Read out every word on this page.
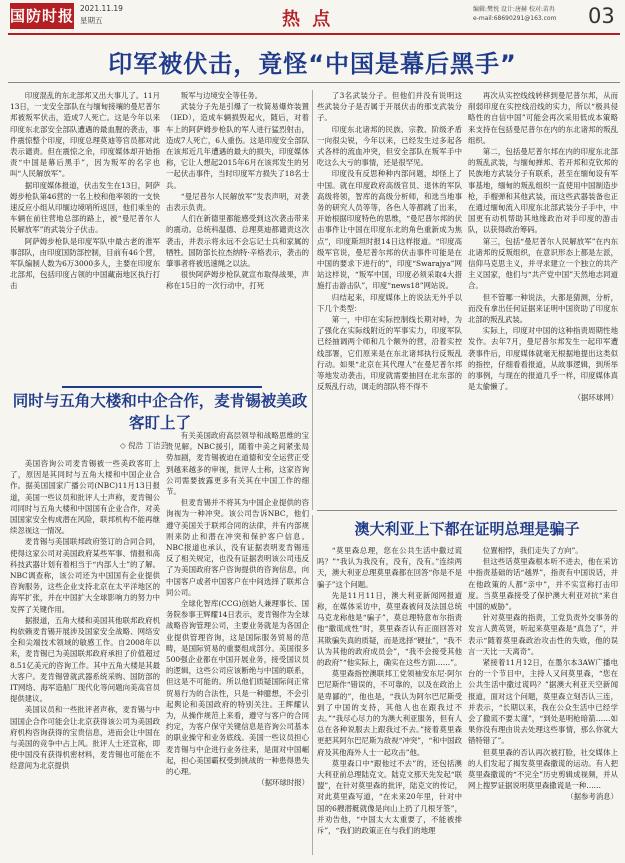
国防时报 2021.11.19
星期五	热 点	编辑:樊悦 设计:唐赫 校对:苗冉
e-mail:68690291@163.com 03
印军被伏击，竟怪“中国是幕后黑手”

印度混乱的东北部邦又出大事儿了。11月13日，一支安全部队在与缅甸接壤的曼尼普尔邦被叛军伏击，造成7人死亡。这是今年以来印度东北部安全部队遭遇的最血腥的袭击，事件震惊整个印度，印度总理莫迪等官员都对此表示谴责。但在震惊之余，印度媒体却开始指责“中国是幕后黑手”，因为叛军的名字也叫“人民解放军”。

据印度媒体报道，伏击发生在13日，阿萨姆步枪队第46营的一名上校和他率领的一支快速反应小组从印缅边境哨所返回，他们乘坐的车辆在前往营地总部的路上，被“曼尼普尔人民解放军”的武装分子伏击。

阿萨姆步枪队是印度军队中最古老的准军事部队，由印度国防部控制，目前有46个营，军队编制人数为6万3000多人，主要在印度东北部邦，包括印度占领的中国藏南地区执行打击

叛军与边境安全等任务。

武装分子先是引爆了一枚简易爆炸装置（IED），造成车辆损毁起火，随后，对着车上的阿萨姆步枪队的军人进行猛烈射击，造成7人死亡，6人重伤。这是印度安全部队在该邦近几年遭遇的最大的损失，印度媒体称，它让人想起2015年6月在该邦发生的另一起伏击事件，当时印度军方损失了18名士兵。

“曼尼普尔人民解放军”发表声明，对袭击表示负责。

人们在新德里都能感受到这次袭击带来的震动。总统科温德、总理莫迪都谴责这次袭击，并表示将永远不会忘记士兵和家属的牺牲。国防部长拉杰纳特·辛格表示，袭击的肇事者将被迅速绳之以法。

很快阿萨姆步枪队就宣布取得战果，声称在15日的一次行动中，打死

了3名武装分子。但他们并没有说明这些武装分子是否属于开展伏击的那支武装分子。

印度东北诸邦的民族、宗教、阶级矛盾一向很尖锐，今年以来，已经发生过多起各式各样的流血冲突，但安全部队在叛军手中吃这么大亏的事情，还是很罕见。

印度没有反思种种内部问题，却怪上了中国。就在印度政府高级官员、退休的军队高级将领，智库的高级分析师，和选当地事务的研究人员等等，各色人等都跳了出来，开始根据印度特色的思维，“曼尼普尔邦的伏击事件让中国在印度东北的角色重新成为焦点”，印度斯坦时报14日这样报道。“印度高级军官说，曼尼普尔邦的伏击事件可能是在中国的要求下进行的”，印度“Swarajya”网站这样说，“叛军中国，印度必须采取4大措施打击游击队”，印度“news18”网站说。

归结起来，印度媒体上的说法无外乎以下几个类型：

第一，中印在实际控制线长期对峙，为了强化在实际线附近的军事实力，印度军队已经抽调两个师和几个额外的营，沿着实控线部署，它们原来是在东北诸邦执行反叛乱行动。如果“北京在其代理人”在曼尼普尔邦等地发动袭击，印度就需要抽回在北东部的反叛乱行动，调走的部队将不得不

再次从实控线线转移到曼尼普尔邦，从而削弱印度在实控线沿线的实力，所以“极具侵略性的自信中国”可能会再次采用低成本策略来支持在包括曼尼普尔在内的东北诸邦的叛乱组织。

第二，包括曼尼普尔邦在内的印度东北部的叛乱武装，与缅甸掸邦、若开邦和克钦邦的民族地方武装分子有联系，甚至在缅甸设有军事基地，缅甸的叛乱组织一直使用中国制造步枪，手榴弹和其他武装，而这些武器装备也正在通过缅甸流入印度东北部武装分子手中，中国更有动机帮助其地缘政治对手印度的游击队，以获得政治筹码。

第三，包括“曼尼普尔人民解放军”在内东北诸邦的反叛组织，在意识形态上都是左派，信仰马克思主义，并寻求建立一个独立的共产主义国家，他们与“共产党中国”天然地志同道合。

但不管哪一种说法，大都是猜测，分析，而没有拿出任何证据来证明中国资助了印度东北部的叛乱武装。

实际上，印度对中国的这种指责周期性地发作。去年7月，曼尼普尔邦发生一起印军遭袭事件后，印度媒体就毫无根据地提出这类似的指控，仔细看看报道，从故事逻辑，到所举的事例，与现在的报道几乎一样，印度媒体真是太偷懒了。

（据环球网）

同时与五角大楼和中企合作，麦肯锡被美政客盯上了
◇ 倪浩 丁洁芸

美国咨询公司麦肯锡被一些美政客盯上了，原因是其同时与五角大楼和中国企业合作。据美国国家广播公司(NBC)11月13日报道，美国一些议员和批评人士声称，麦肯锡公司同时与五角大楼和中国国有企业合作，对美国国家安全构成潜在风险，联邦机构不能再继续忽视这一情况。

麦肯锡与美国联邦政府签订的合同合同，使得这家公司对美国政府某些军事、情报和高科技武器计划有着相当于“内部人士”的了解。NBC调查称，该公司还为中国国有企业提供咨询服务，这些企业支持北京在太平洋地区的海军扩张，并在中国扩大全球影响力的努力中发挥了关键作用。

据报道，五角大楼和美国其他联邦政府机构依赖麦肯锡开展涉及国家安全战略、网络安全和尖端技术领域的敏感工作。自2008年以来，麦肯锡已为美国联邦政府承担了价值超过8.51亿美元的咨询工作。其中五角大楼是其最大客户。麦肯锡曾就武器系统采购、国防部的IT网络、海军造船厂现代化等问题向美高官员提供建议。

美国议员和一些批评者声称，麦肯锡与中国国企合作可能会让北京获得该公司为美国政府机构咨询获得的宝贵信息，进而会让中国在与美国的竞争中占上风。批评人士还宣称，即使中国没有获得机密材料，麦肯锡也可能在不经意间为北京提供

有关美国政府高层领导和战略思维的宝贵见解。NBC援引，随着中美之间紧张局势加剧，麦肯锡被迫在道德和安全运营正受到越来越多的审视，批评人士称，这家咨询公司需要披露更多有关其在中国工作的细节。

但麦肯锡并不将其为中国企业提供的咨询视为一种冲突。该公司告诉NBC，他们遵守美国关于联邦合同的法律，并有内部规则来防止和潜在冲突和保护客户信息。NBC报道也承认，没有证据表明麦肯锡违反了相关规定，也没有证据表明该公司违反了为美国政府客户咨询提供的咨询信息，向中国客户或者中国客户在中间选择了联邦合同公司。

全球化智库(CCG)创始人兼理事长、国务院参事王辉耀14日表示，麦肯锡作为全球战略咨询管理公司，主要业务就是为各国企业提供管理咨询，这是国际服务贸易的范畴，是国际贸易的重要组成部分。美国很多500强企业都在中国开展业务，接受国议员的逻辑，这些公司应该断绝与中国的联系，但这是不可能的。所以他们质疑国际间正常贸易行为的合法性，只是一种臆想，不会引起舆论和美国政府的特别关注。王辉耀认为，从操作规范上来看，遵守与客户的合同约定，为客户保守关键信息是咨询公司基本的职业操守和业务底线。美国一些议员担心麦肯锡与中企进行业务往来，是面对中国崛起，担心美国霸权受到挑战的一种患得患失的心理。

（据环球时报）

澳大利亚上下都在证明总理是骗子

“莫里森总理，您在公共生活中撒过谎吗？”“我认为我没有，没有，没有。”连续两天，澳大利亚总理莫里森都在回答“你是不是骗子”这个问题。

先是11月11日，澳大利亚新闻网报道称，在媒体采访中，莫里森被问及法国总统马克龙称他是“骗子”，莫总理特意布尔指责他“撒谎成性”时，莫里森否认有正面回答对其欺骗失真的质疑，而是选择“硬扯”，“我不认为其他的政府成员会”，“我不会接受其他的政府”“他实际上，确实在这些方面……”。

莫里森指控澳联邦工党领袖安东尼·阿尔巴尼斯作“错误的，不可靠的，以及在政治上是卑鄙的”，他也是，“我认为阿尔巴尼斯受到了中国的支持，其他人也在跟我过不去。”“我尽心尽力的为澳大利亚服务，但有人总在各种说服去上跟我过不去。”接着莫里森更把其阿尔巴尼斯为敌视“冲突”，“和中国政府及其他海外人士一起攻击”他。

莫里森口中“跟他过不去”的，还包括澳大利亚前总理陆克文。陆克文那天先发起“联盟”，在针对莫里森的批评，陆克文的传记，对此莫里森写道，“在未来20年里，针对中国的6艘潜艇就像是向山上扔了几根牙签”，并劝告他，“中国太大太重要了，不能被排斥”，“我们的政策正在与我们的地理

位置相悖，我们走失了方向”。

但这些话莫里森根本听不进去，他在采访中指责基础的话“越界”，指责有中国说话，并在他政策的人都“亲中”，并不实宣称打击印度。当莫里森接受了保护澳大利亚对抗“来自中国的威胁”。

针对莫里森的指责，工党负责外交事务的发言人黄英贤，听起来莫里森是“真急了”，并表示“随着莫里森政治攻击性的失败，他的误言一天比一天离奇”。

紧接着11月12日，在墨尔本3AW广播电台的一个节目中，主持人又问莫里森，“您在公共生活中撒过谎吗？”据澳大利亚天空新闻报道，面对这个问题，莫里森立刻否认三连，并表示，“长期以来，我在公众生活中已经学会了撒谎不要太谨”，“到处是明枪暗箭……如果你没有理由说去处理这些事情，那么你就大错特错了”。

但莫里森的否认再次被打脸，社交媒体上的人们发起了揭发莫里森撒谎的运动。有人把莫里森撒谎的“不完全”历史剪辑成视频，并从网上搜罗证据说明莫里森撒谎是一种……

（据参考消息）
